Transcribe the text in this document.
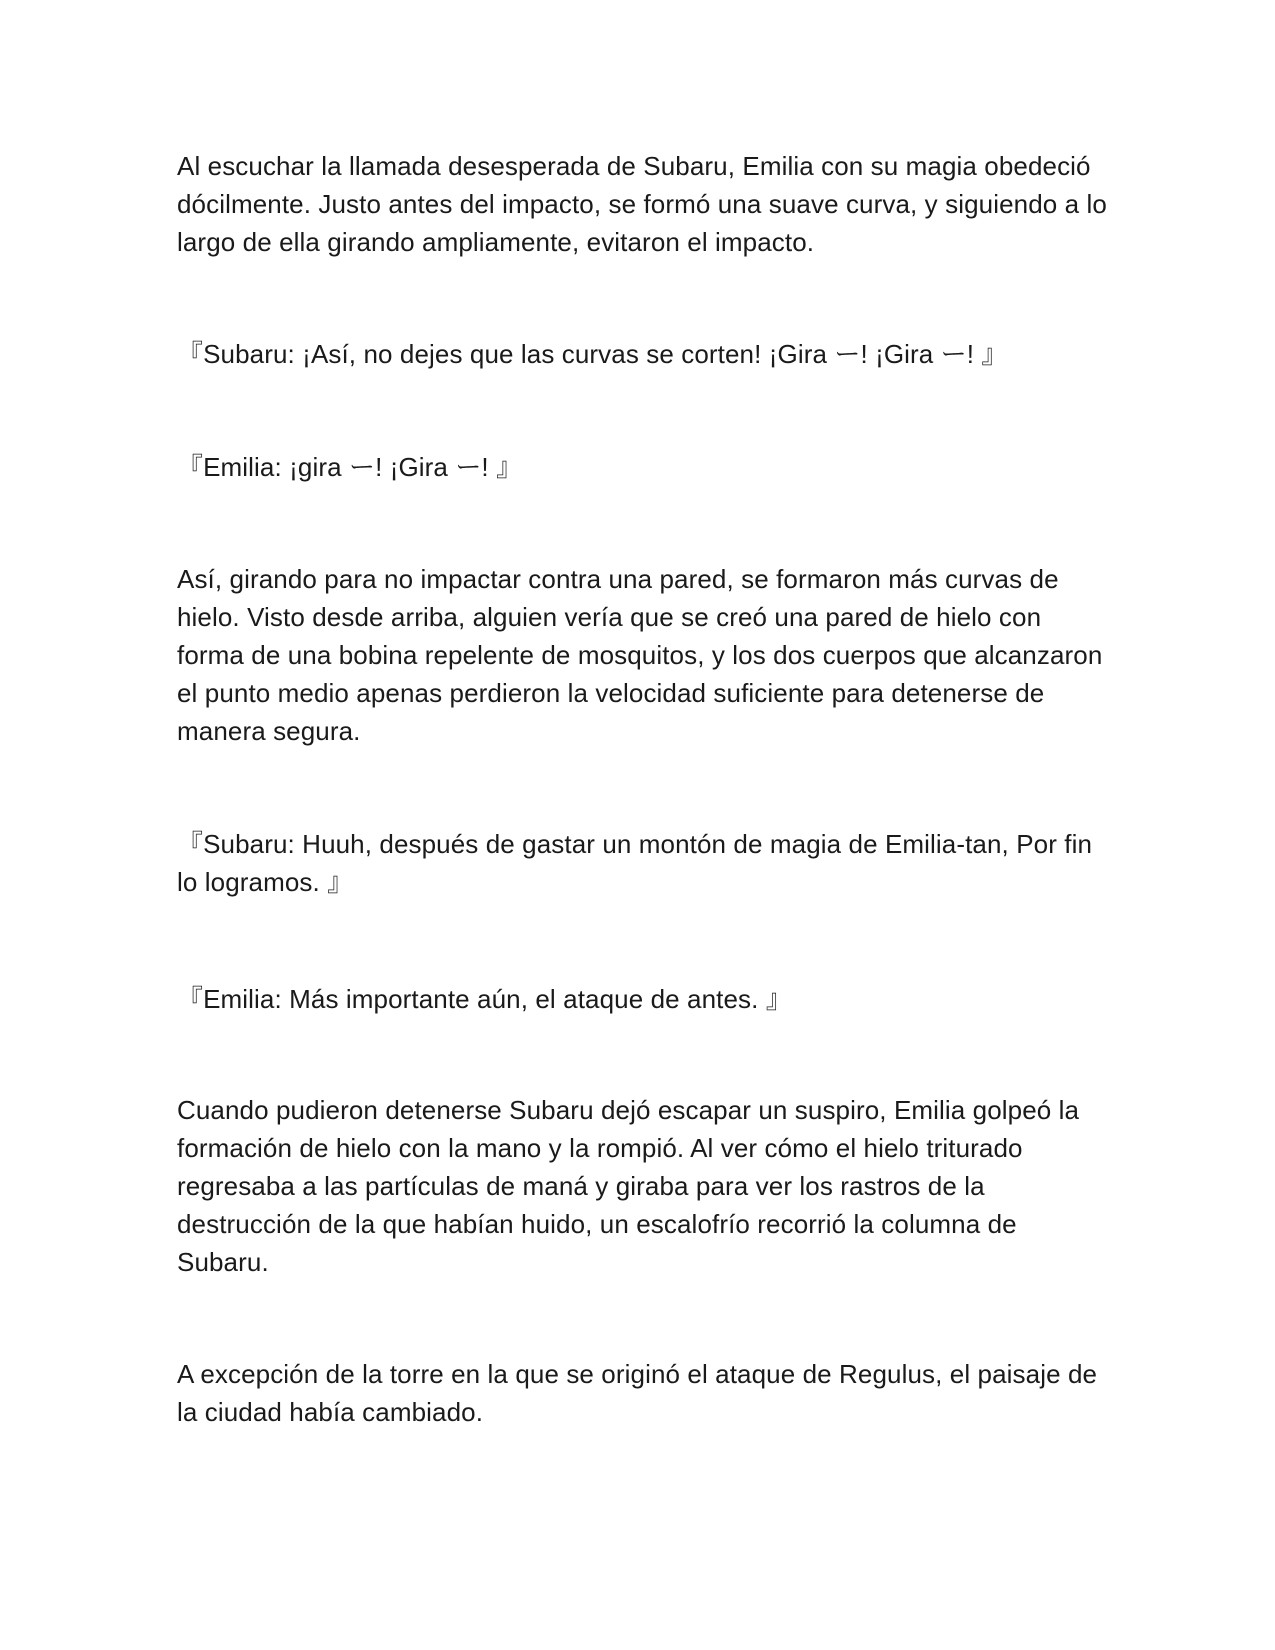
Al escuchar la llamada desesperada de Subaru, Emilia con su magia obedeció dócilmente. Justo antes del impacto, se formó una suave curva, y siguiendo a lo largo de ella girando ampliamente, evitaron el impacto.

『Subaru: ¡Así, no dejes que las curvas se corten! ¡Gira ー! ¡Gira ー! 』

『Emilia: ¡gira ー! ¡Gira ー! 』

Así, girando para no impactar contra una pared, se formaron más curvas de hielo. Visto desde arriba, alguien vería que se creó una pared de hielo con forma de una bobina repelente de mosquitos, y los dos cuerpos que alcanzaron el punto medio apenas perdieron la velocidad suficiente para detenerse de manera segura.

『Subaru: Huuh, después de gastar un montón de magia de Emilia-tan, Por fin lo logramos. 』

『Emilia: Más importante aún, el ataque de antes. 』

Cuando pudieron detenerse Subaru dejó escapar un suspiro, Emilia golpeó la formación de hielo con la mano y la rompió. Al ver cómo el hielo triturado regresaba a las partículas de maná y giraba para ver los rastros de la destrucción de la que habían huido, un escalofrío recorrió la columna de Subaru.

A excepción de la torre en la que se originó el ataque de Regulus, el paisaje de la ciudad había cambiado.
